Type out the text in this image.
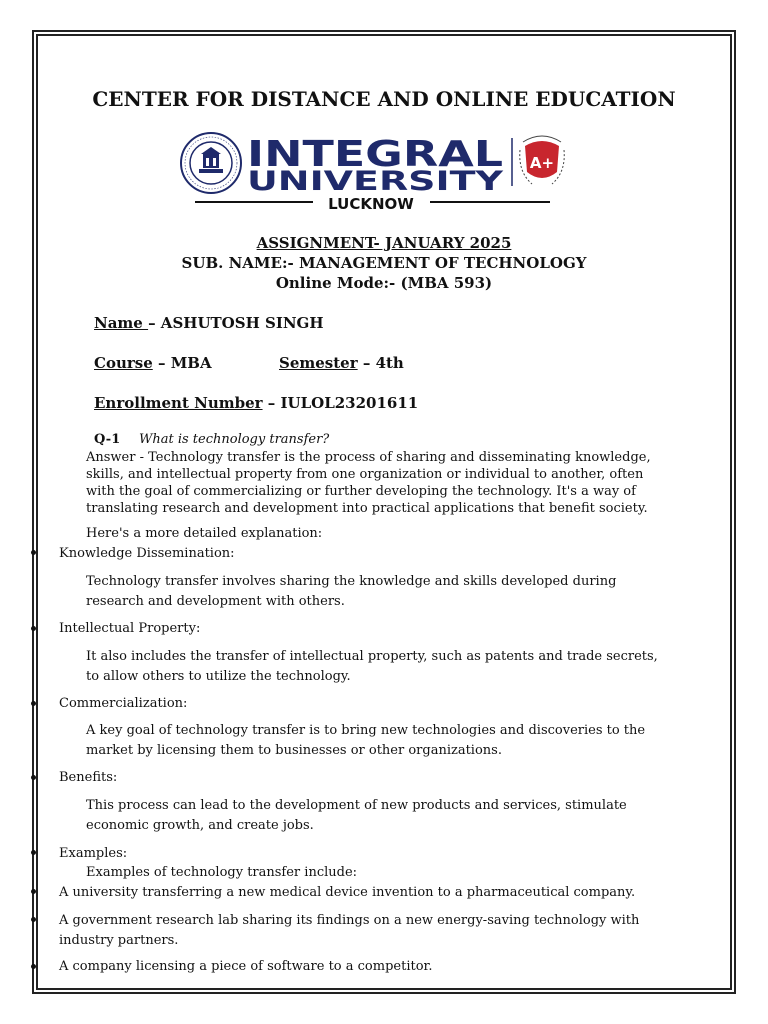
CENTER FOR DISTANCE AND ONLINE EDUCATION
INTEGRAL
UNIVERSITY
LUCKNOW
A+
ASSIGNMENT- JANUARY 2025
SUB. NAME:- MANAGEMENT OF TECHNOLOGY
Online Mode:- (MBA 593)
Name – ASHUTOSH SINGH
Course – MBA	Semester – 4th
Enrollment Number – IULOL23201611
Q-1 What is technology transfer?
Answer - Technology transfer is the process of sharing and disseminating knowledge, skills, and intellectual property from one organization or individual to another, often with the goal of commercializing or further developing the technology. It's a way of translating research and development into practical applications that benefit society.
Here's a more detailed explanation:
Knowledge Dissemination:
Technology transfer involves sharing the knowledge and skills developed during research and development with others.
Intellectual Property:
It also includes the transfer of intellectual property, such as patents and trade secrets, to allow others to utilize the technology.
Commercialization:
A key goal of technology transfer is to bring new technologies and discoveries to the market by licensing them to businesses or other organizations.
Benefits:
This process can lead to the development of new products and services, stimulate economic growth, and create jobs.
Examples:
Examples of technology transfer include:
A university transferring a new medical device invention to a pharmaceutical company.
A government research lab sharing its findings on a new energy-saving technology with industry partners.
A company licensing a piece of software to a competitor.
